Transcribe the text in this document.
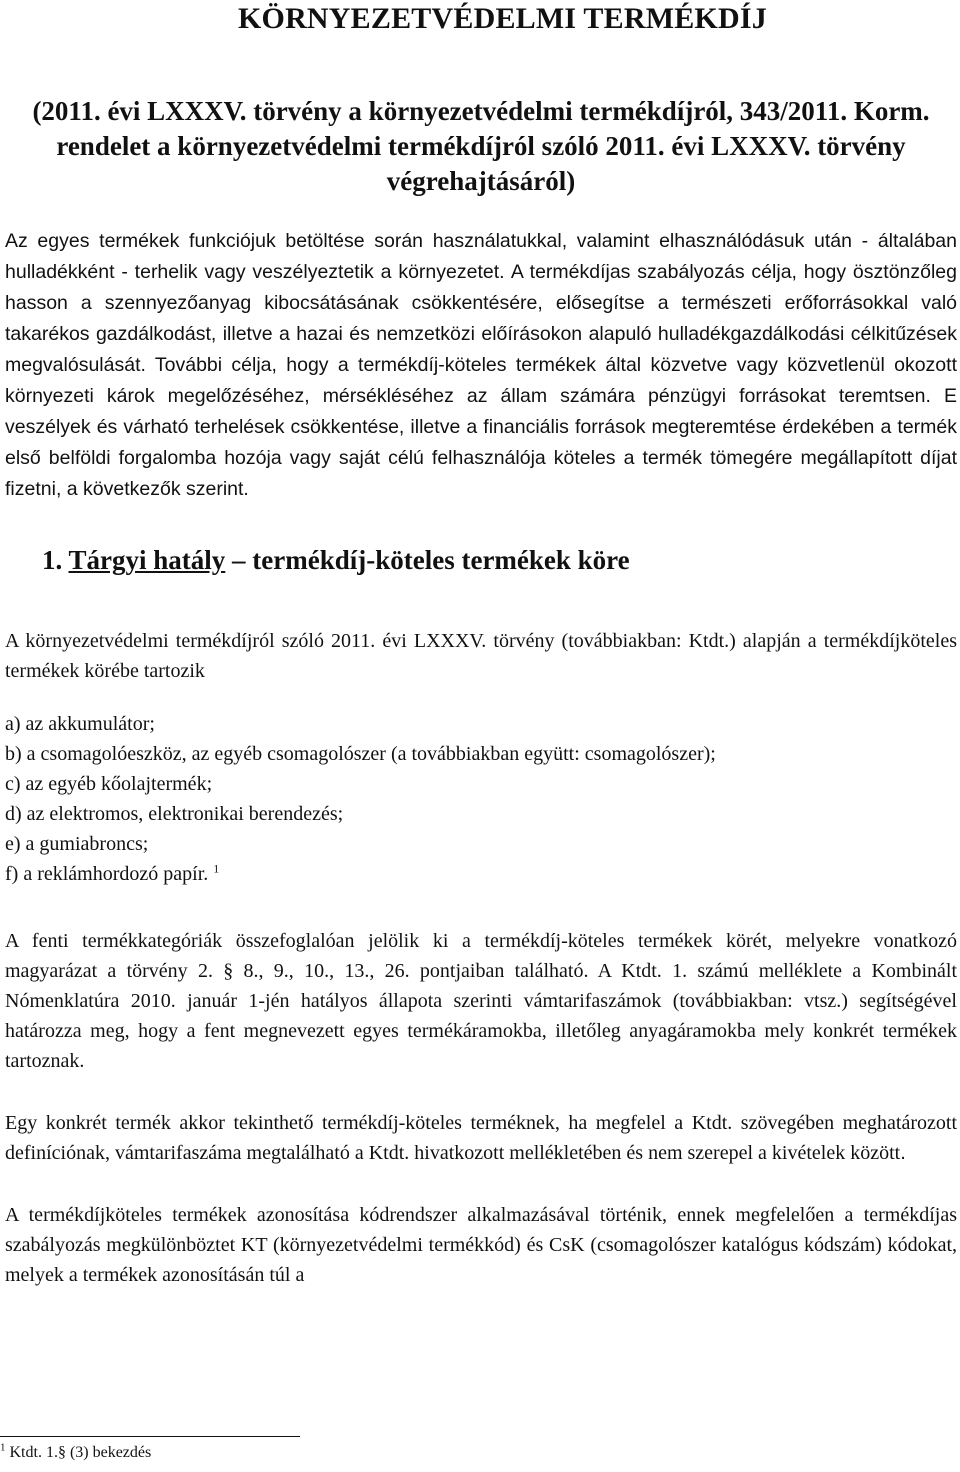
KÖRNYEZETVÉDELMI TERMÉKDÍJ
(2011. évi LXXXV. törvény a környezetvédelmi termékdíjról, 343/2011. Korm. rendelet a környezetvédelmi termékdíjról szóló 2011. évi LXXXV. törvény végrehajtásáról)

Az egyes termékek funkciójuk betöltése során használatukkal, valamint elhasználódásuk után - általában hulladékként - terhelik vagy veszélyeztetik a környezetet. A termékdíjas szabályozás célja, hogy ösztönzőleg hasson a szennyezőanyag kibocsátásának csökkentésére, elősegítse a természeti erőforrásokkal való takarékos gazdálkodást, illetve a hazai és nemzetközi előírásokon alapuló hulladékgazdálkodási célkitűzések megvalósulását. További célja, hogy a termékdíj-köteles termékek által közvetve vagy közvetlenül okozott környezeti károk megelőzéséhez, mérsékléséhez az állam számára pénzügyi forrásokat teremtsen. E veszélyek és várható terhelések csökkentése, illetve a financiális források megteremtése érdekében a termék első belföldi forgalomba hozója vagy saját célú felhasználója köteles a termék tömegére megállapított díjat fizetni, a következők szerint.

1. Tárgyi hatály – termékdíj-köteles termékek köre

A környezetvédelmi termékdíjról szóló 2011. évi LXXXV. törvény (továbbiakban: Ktdt.) alapján a termékdíjköteles termékek körébe tartozik

a) az akkumulátor;
b) a csomagolóeszköz, az egyéb csomagolószer (a továbbiakban együtt: csomagolószer);
c) az egyéb kőolajtermék;
d) az elektromos, elektronikai berendezés;
e) a gumiabroncs;
f) a reklámhordozó papír. $^1$

A fenti termékkategóriák összefoglalóan jelölik ki a termékdíj-köteles termékek körét, melyekre vonatkozó magyarázat a törvény 2. § 8., 9., 10., 13., 26. pontjaiban található. A Ktdt. 1. számú melléklete a Kombinált Nómenklatúra 2010. január 1-jén hatályos állapota szerinti vámtarifaszámok (továbbiakban: vtsz.) segítségével határozza meg, hogy a fent megnevezett egyes termékáramokba, illetőleg anyagáramokba mely konkrét termékek tartoznak.

Egy konkrét termék akkor tekinthető termékdíj-köteles terméknek, ha megfelel a Ktdt. szövegében meghatározott definíciónak, vámtarifaszáma megtalálható a Ktdt. hivatkozott mellékletében és nem szerepel a kivételek között.

A termékdíjköteles termékek azonosítása kódrendszer alkalmazásával történik, ennek megfelelően a termékdíjas szabályozás megkülönböztet KT (környezetvédelmi termékkód) és CsK (csomagolószer katalógus kódszám) kódokat, melyek a termékek azonosításán túl a

$^1$ Ktdt. 1.§ (3) bekezdés
